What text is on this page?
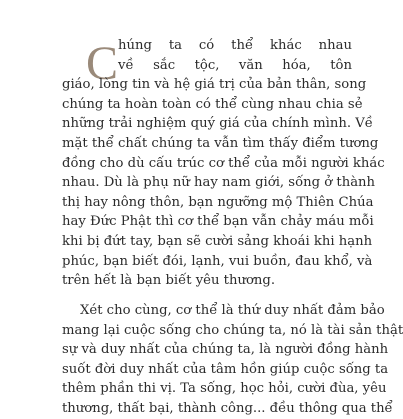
C húng ta có thể khác nhau
về sắc tộc, văn hóa, tôn
giáo, lòng tin và hệ giá trị của bản thân, song
chúng ta hoàn toàn có thể cùng nhau chia sẻ
những trải nghiệm quý giá của chính mình. Về
mặt thể chất chúng ta vẫn tìm thấy điểm tương
đồng cho dù cấu trúc cơ thể của mỗi người khác
nhau. Dù là phụ nữ hay nam giới, sống ở thành
thị hay nông thôn, bạn ngưỡng mộ Thiên Chúa
hay Đức Phật thì cơ thể bạn vẫn chảy máu mỗi
khi bị đứt tay, bạn sẽ cười sảng khoái khi hạnh
phúc, bạn biết đói, lạnh, vui buồn, đau khổ, và
trên hết là bạn biết yêu thương.
Xét cho cùng, cơ thể là thứ duy nhất đảm bảo
mang lại cuộc sống cho chúng ta, nó là tài sản thật
sự và duy nhất của chúng ta, là người đồng hành
suốt đời duy nhất của tâm hồn giúp cuộc sống ta
thêm phần thi vị. Ta sống, học hỏi, cười đùa, yêu
thương, thất bại, thành công... đều thông qua thể
